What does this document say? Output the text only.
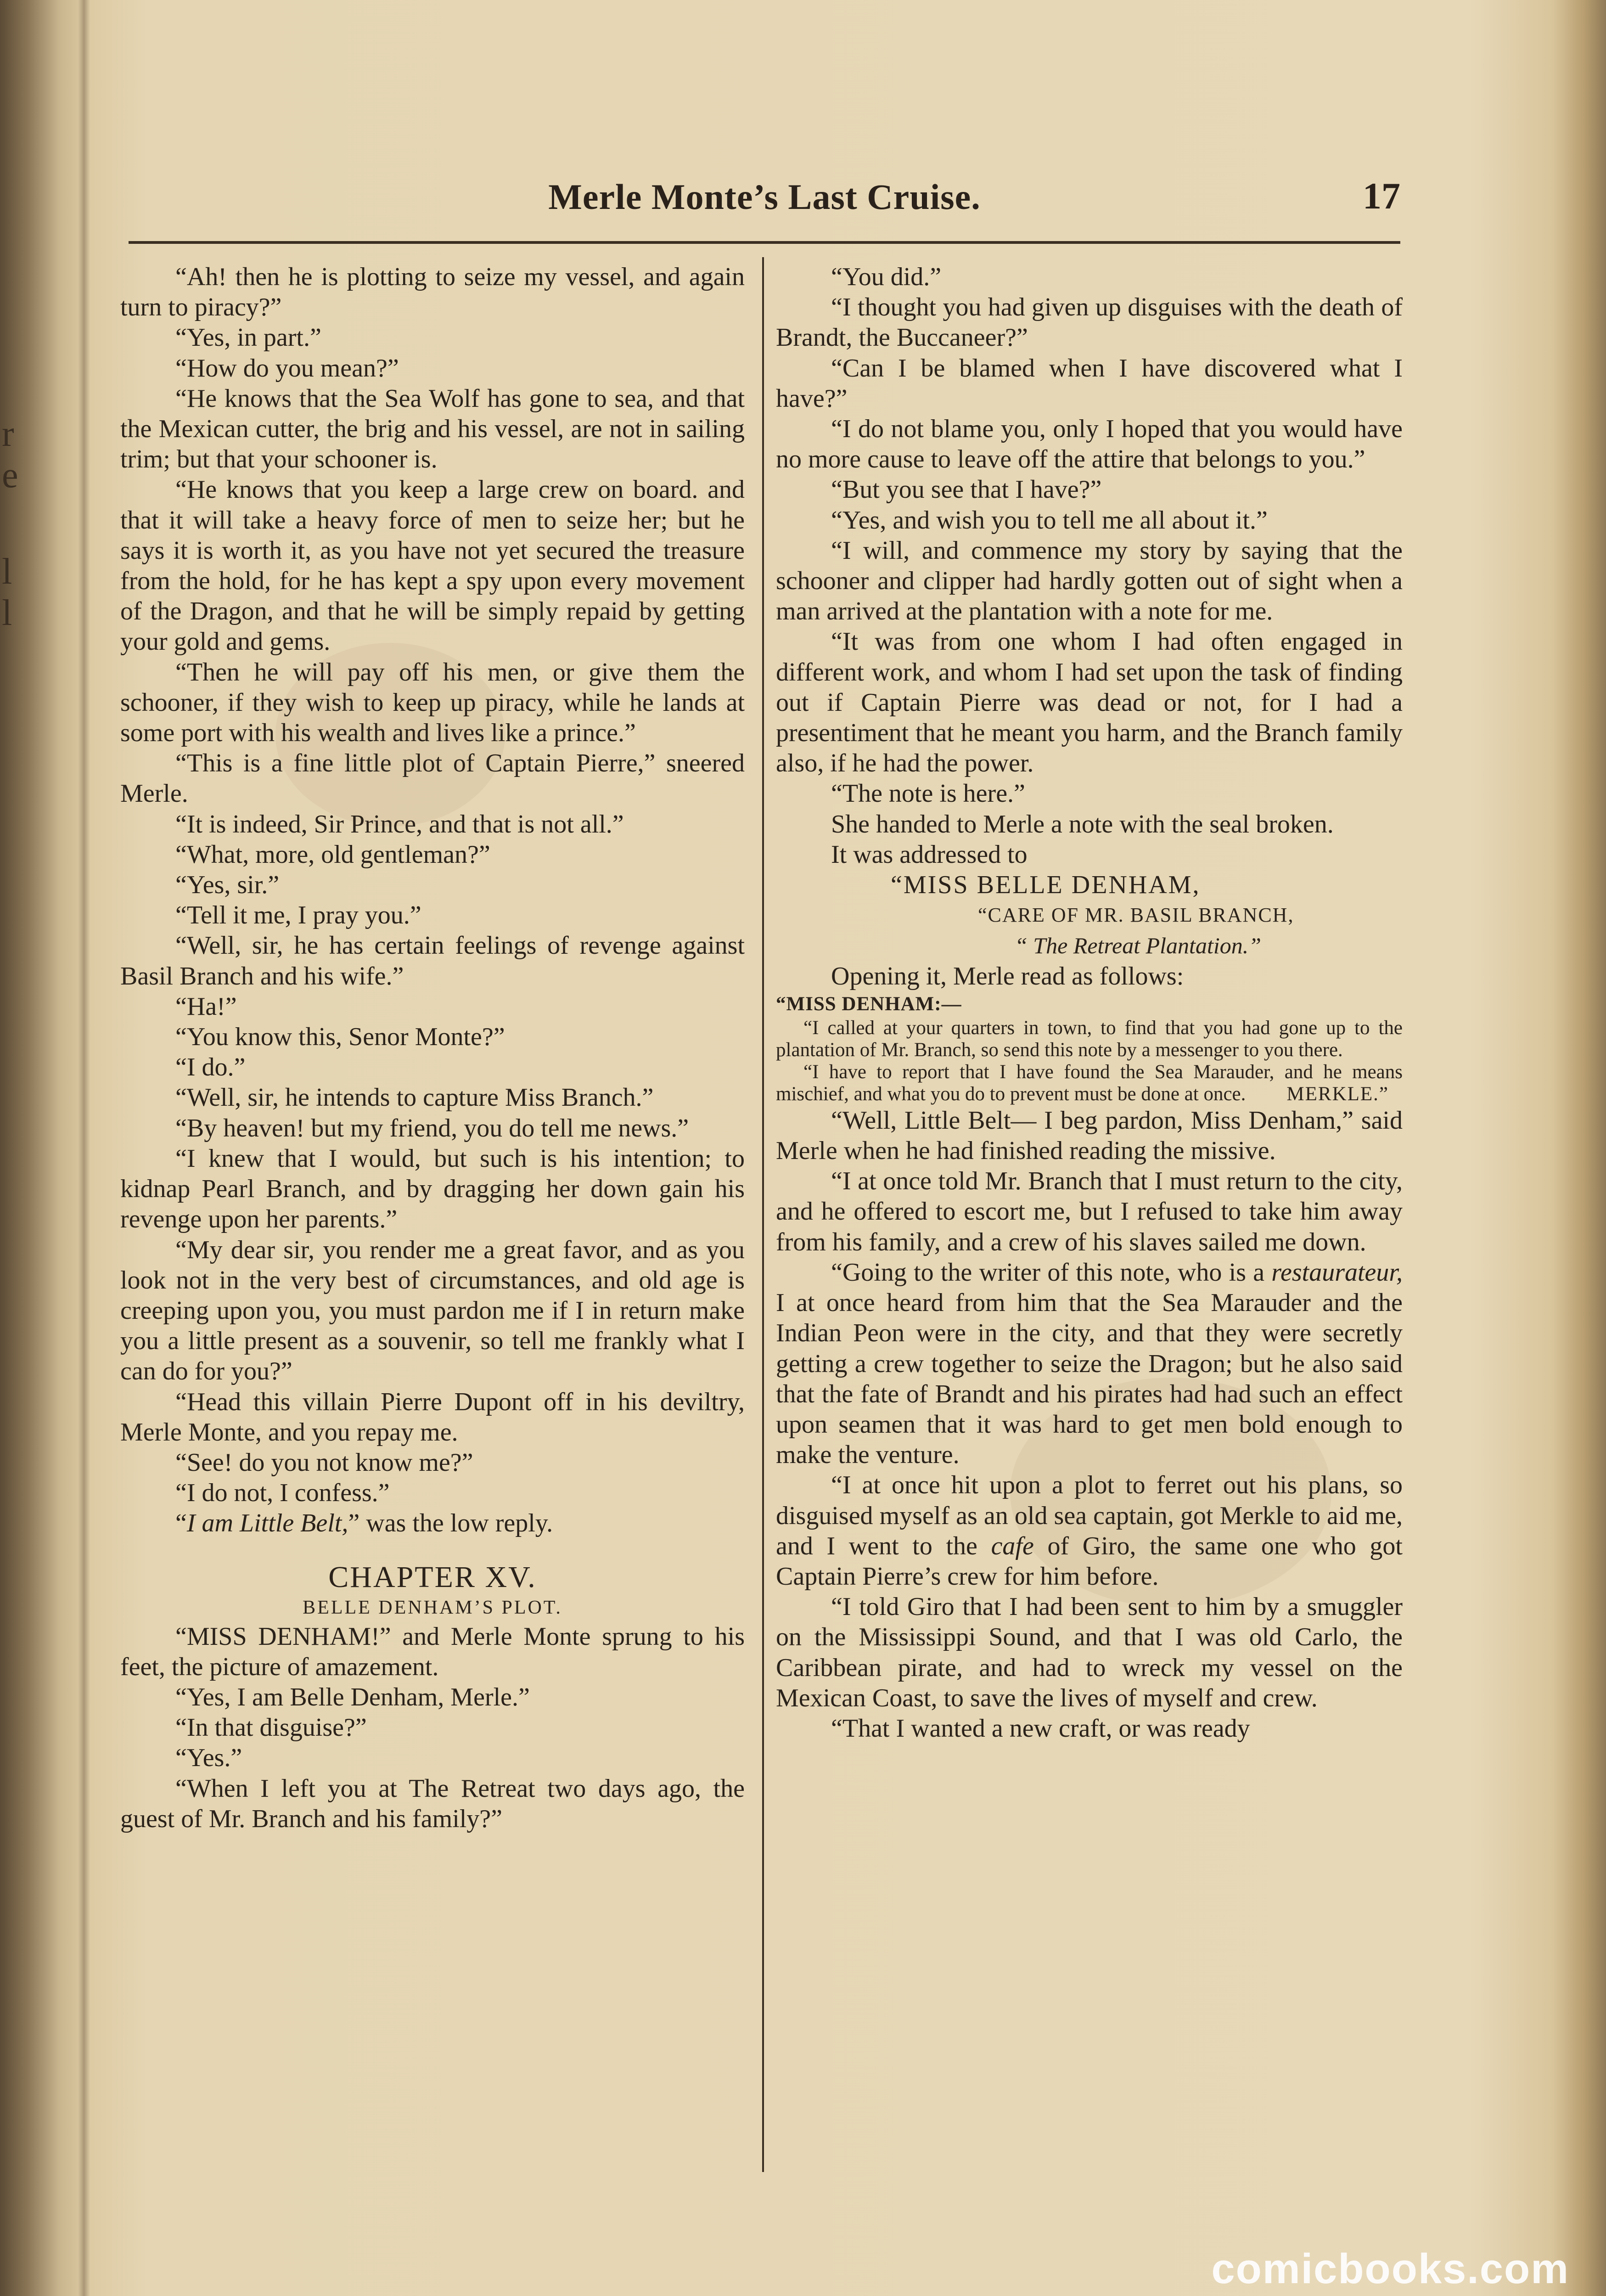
r
e
l
l
Merle Monte’s Last Cruise.	17

“Ah! then he is plotting to seize my vessel, and again turn to piracy?”

“Yes, in part.”

“How do you mean?”

“He knows that the Sea Wolf has gone to sea, and that the Mexican cutter, the brig and his vessel, are not in sailing trim; but that your schooner is.

“He knows that you keep a large crew on board. and that it will take a heavy force of men to seize her; but he says it is worth it, as you have not yet secured the treasure from the hold, for he has kept a spy upon every movement of the Dragon, and that he will be simply repaid by getting your gold and gems.

“Then he will pay off his men, or give them the schooner, if they wish to keep up piracy, while he lands at some port with his wealth and lives like a prince.”

“This is a fine little plot of Captain Pierre,” sneered Merle.

“It is indeed, Sir Prince, and that is not all.”

“What, more, old gentleman?”

“Yes, sir.”

“Tell it me, I pray you.”

“Well, sir, he has certain feelings of revenge against Basil Branch and his wife.”

“Ha!”

“You know this, Senor Monte?”

“I do.”

“Well, sir, he intends to capture Miss Branch.”

“By heaven! but my friend, you do tell me news.”

“I knew that I would, but such is his intention; to kidnap Pearl Branch, and by dragging her down gain his revenge upon her parents.”

“My dear sir, you render me a great favor, and as you look not in the very best of circumstances, and old age is creeping upon you, you must pardon me if I in return make you a little present as a souvenir, so tell me frankly what I can do for you?”

“Head this villain Pierre Dupont off in his deviltry, Merle Monte, and you repay me.

“See! do you not know me?”

“I do not, I confess.”

“I am Little Belt,” was the low reply.

CHAPTER XV.
BELLE DENHAM’S PLOT.

“MISS DENHAM!” and Merle Monte sprung to his feet, the picture of amazement.

“Yes, I am Belle Denham, Merle.”

“In that disguise?”

“Yes.”

“When I left you at The Retreat two days ago, the guest of Mr. Branch and his family?”

“You did.”

“I thought you had given up disguises with the death of Brandt, the Buccaneer?”

“Can I be blamed when I have discovered what I have?”

“I do not blame you, only I hoped that you would have no more cause to leave off the attire that belongs to you.”

“But you see that I have?”

“Yes, and wish you to tell me all about it.”

“I will, and commence my story by saying that the schooner and clipper had hardly gotten out of sight when a man arrived at the plantation with a note for me.

“It was from one whom I had often engaged in different work, and whom I had set upon the task of finding out if Captain Pierre was dead or not, for I had a presentiment that he meant you harm, and the Branch family also, if he had the power.

“The note is here.”

She handed to Merle a note with the seal broken.

It was addressed to

“MISS BELLE DENHAM,
“CARE OF MR. BASIL BRANCH,
“ The Retreat Plantation.”

Opening it, Merle read as follows:

“MISS DENHAM:—

“I called at your quarters in town, to find that you had gone up to the plantation of Mr. Branch, so send this note by a messenger to you there.

“I have to report that I have found the Sea Marauder, and he means mischief, and what you do to prevent must be done at once.	MERKLE.”

“Well, Little Belt— I beg pardon, Miss Denham,” said Merle when he had finished reading the missive.

“I at once told Mr. Branch that I must return to the city, and he offered to escort me, but I refused to take him away from his family, and a crew of his slaves sailed me down.

“Going to the writer of this note, who is a restaurateur, I at once heard from him that the Sea Marauder and the Indian Peon were in the city, and that they were secretly getting a crew together to seize the Dragon; but he also said that the fate of Brandt and his pirates had had such an effect upon seamen that it was hard to get men bold enough to make the venture.

“I at once hit upon a plot to ferret out his plans, so disguised myself as an old sea captain, got Merkle to aid me, and I went to the cafe of Giro, the same one who got Captain Pierre’s crew for him before.

“I told Giro that I had been sent to him by a smuggler on the Mississippi Sound, and that I was old Carlo, the Caribbean pirate, and had to wreck my vessel on the Mexican Coast, to save the lives of myself and crew.

“That I wanted a new craft, or was ready

comicbooks.com
